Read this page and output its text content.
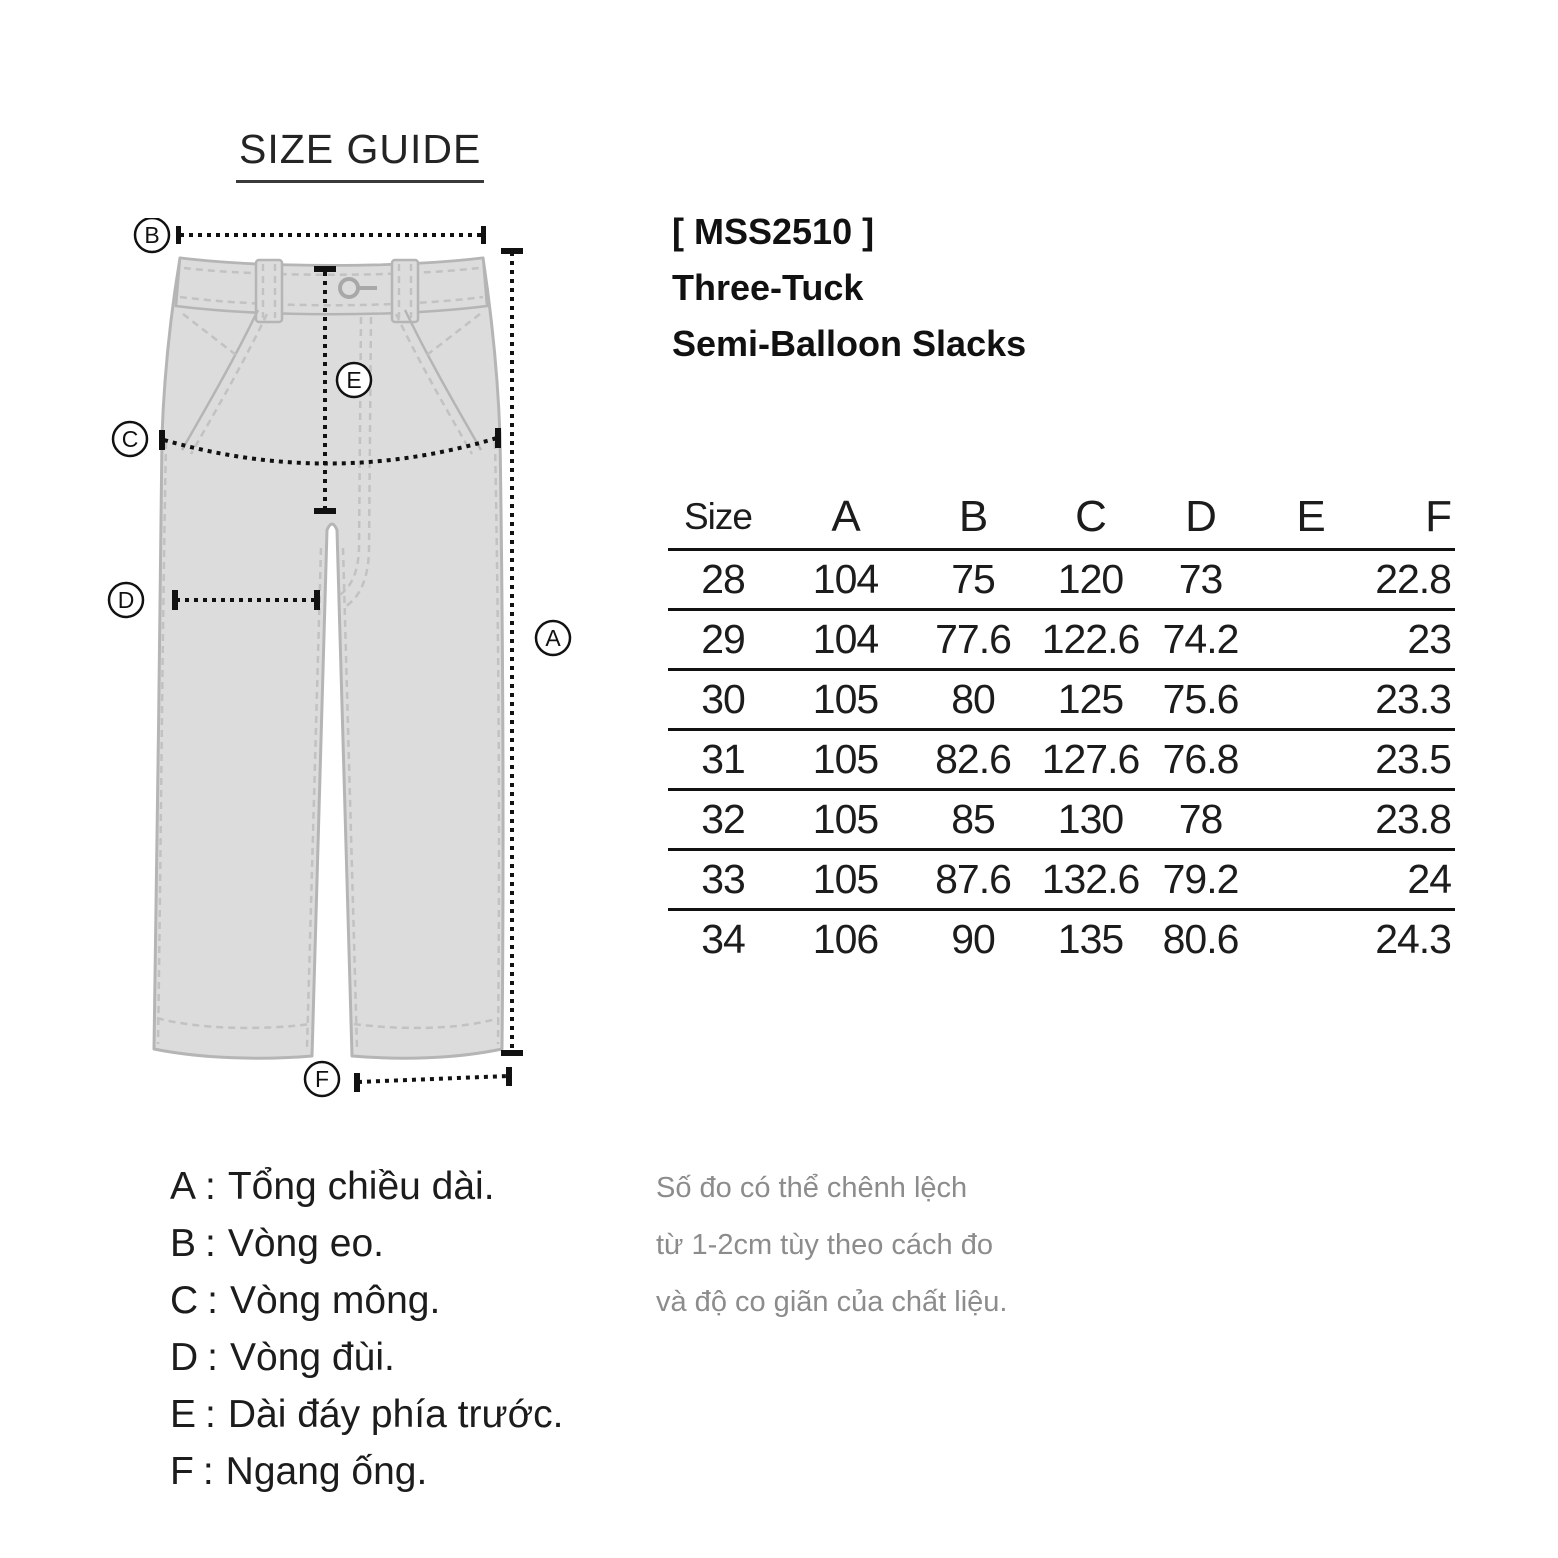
SIZE GUIDE
B
E
C
D
A
F
[ MSS2510 ]
Three-Tuck
Semi-Balloon Slacks
Size	A	B	C	D	E	F
28	104	75	120	73		22.8
29	104	77.6	122.6	74.2		23
30	105	80	125	75.6		23.3
31	105	82.6	127.6	76.8		23.5
32	105	85	130	78		23.8
33	105	87.6	132.6	79.2		24
34	106	90	135	80.6		24.3
A : Tổng chiều dài.
B : Vòng eo.
C : Vòng mông.
D : Vòng đùi.
E : Dài đáy phía trước.
F : Ngang ống.
Số đo có thể chênh lệch
từ 1-2cm tùy theo cách đo
và độ co giãn của chất liệu.
